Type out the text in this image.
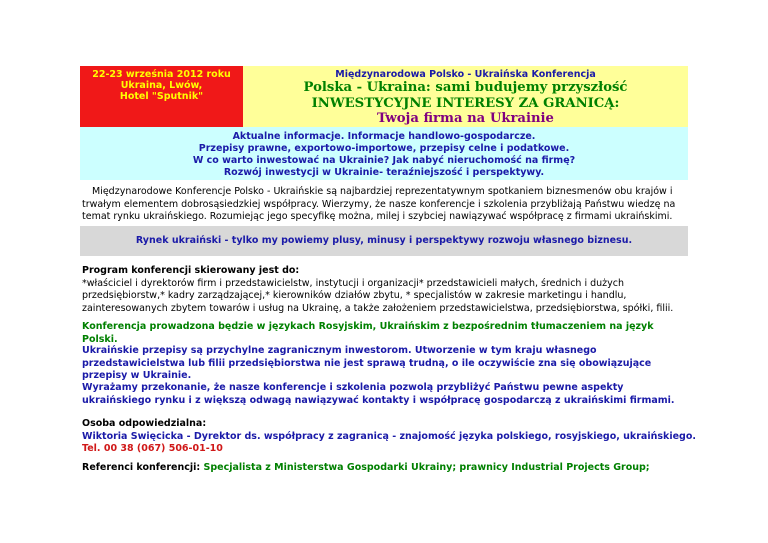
22-23 września 2012 roku
Ukraina, Lwów,
Hotel "Sputnik"
Międzynarodowa Polsko - Ukraińska Konferencja
Polska - Ukraina: sami budujemy przyszłość
INWESTYCYJNE INTERESY ZA GRANICĄ:
Twoja firma na Ukrainie
Aktualne informacje. Informacje handlowo-gospodarcze.
Przepisy prawne, exportowo-importowe, przepisy celne i podatkowe.
W co warto inwestować na Ukrainie? Jak nabyć nieruchomość na firmę?
Rozwój inwestycji w Ukrainie- teraźniejszość i perspektywy.
Międzynarodowe Konferencje Polsko - Ukraińskie są najbardziej reprezentatywnym spotkaniem biznesmenów obu krajów i trwałym elementem dobrosąsiedzkiej współpracy. Wierzymy, że nasze konferencje i szkolenia przybliżają Państwu wiedzę na temat rynku ukraińskiego. Rozumiejąc jego specyfikę można, milej i szybciej nawiązywać współpracę z firmami ukraińskimi.
Rynek ukraiński - tylko my powiemy plusy, minusy i perspektywy rozwoju własnego biznesu.
Program konferencji skierowany jest do:
*właściciel i dyrektorów firm i przedstawicielstw, instytucji i organizacji* przedstawicieli małych, średnich i dużych przedsiębiorstw,* kadry zarządzającej,* kierowników działów zbytu, * specjalistów w zakresie marketingu i handlu, zainteresowanych zbytem towarów i usług na Ukrainę, a także założeniem przedstawicielstwa, przedsiębiorstwa, spółki, filii.
Konferencja prowadzona będzie w językach Rosyjskim, Ukraińskim z bezpośrednim tłumaczeniem na język Polski.
Ukraińskie przepisy są przychylne zagranicznym inwestorom. Utworzenie w tym kraju własnego przedstawicielstwa lub filii przedsiębiorstwa nie jest sprawą trudną, o ile oczywiście zna się obowiązujące przepisy w Ukrainie.
Wyrażamy przekonanie, że nasze konferencje i szkolenia pozwolą przybliżyć Państwu pewne aspekty ukraińskiego rynku i z większą odwagą nawiązywać kontakty i współpracę gospodarczą z ukraińskimi firmami.
Osoba odpowiedzialna:
Wiktoria Swięcicka - Dyrektor ds. współpracy z zagranicą - znajomość języka polskiego, rosyjskiego, ukraińskiego.
Tel. 00 38 (067) 506-01-10
Referenci konferencji: Specjalista z Ministerstwa Gospodarki Ukrainy; prawnicy Industrial Projects Group;
